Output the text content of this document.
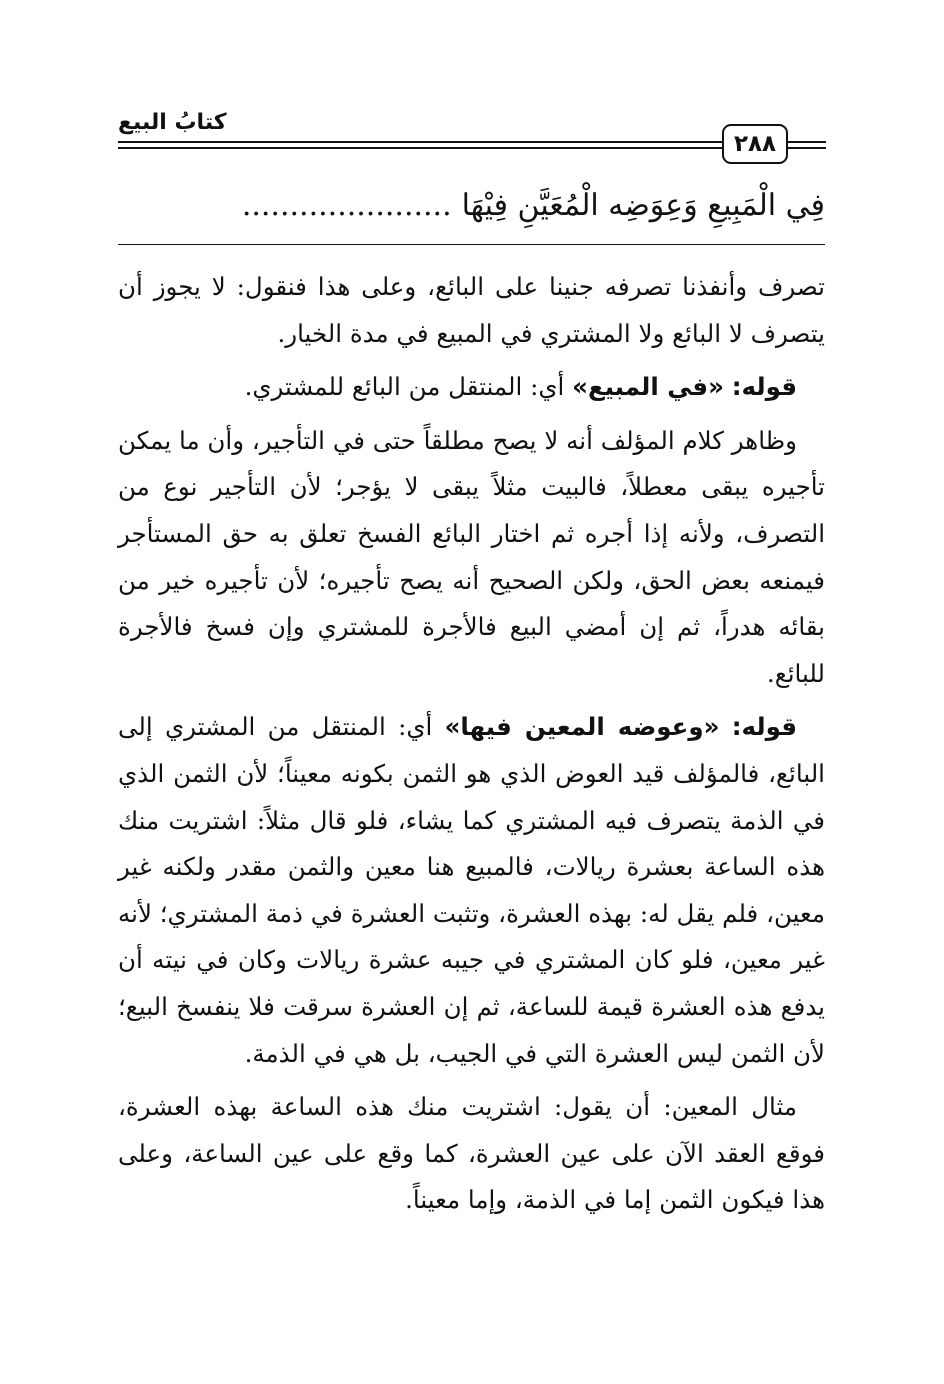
كتابُ البيع
٢٨٨
فِي الْمَبِيعِ وَعِوَضِه الْمُعَيَّنِ فِيْهَا......................

تصرف وأنفذنا تصرفه جنينا على البائع، وعلى هذا فنقول: لا يجوز أن يتصرف لا البائع ولا المشتري في المبيع في مدة الخيار.

قوله: «في المبيع» أي: المنتقل من البائع للمشتري.

وظاهر كلام المؤلف أنه لا يصح مطلقاً حتى في التأجير، وأن ما يمكن تأجيره يبقى معطلاً، فالبيت مثلاً يبقى لا يؤجر؛ لأن التأجير نوع من التصرف، ولأنه إذا أجره ثم اختار البائع الفسخ تعلق به حق المستأجر فيمنعه بعض الحق، ولكن الصحيح أنه يصح تأجيره؛ لأن تأجيره خير من بقائه هدراً، ثم إن أمضي البيع فالأجرة للمشتري وإن فسخ فالأجرة للبائع.

قوله: «وعوضه المعين فيها» أي: المنتقل من المشتري إلى البائع، فالمؤلف قيد العوض الذي هو الثمن بكونه معيناً؛ لأن الثمن الذي في الذمة يتصرف فيه المشتري كما يشاء، فلو قال مثلاً: اشتريت منك هذه الساعة بعشرة ريالات، فالمبيع هنا معين والثمن مقدر ولكنه غير معين، فلم يقل له: بهذه العشرة، وتثبت العشرة في ذمة المشتري؛ لأنه غير معين، فلو كان المشتري في جيبه عشرة ريالات وكان في نيته أن يدفع هذه العشرة قيمة للساعة، ثم إن العشرة سرقت فلا ينفسخ البيع؛ لأن الثمن ليس العشرة التي في الجيب، بل هي في الذمة.

مثال المعين: أن يقول: اشتريت منك هذه الساعة بهذه العشرة، فوقع العقد الآن على عين العشرة، كما وقع على عين الساعة، وعلى هذا فيكون الثمن إما في الذمة، وإما معيناً.
